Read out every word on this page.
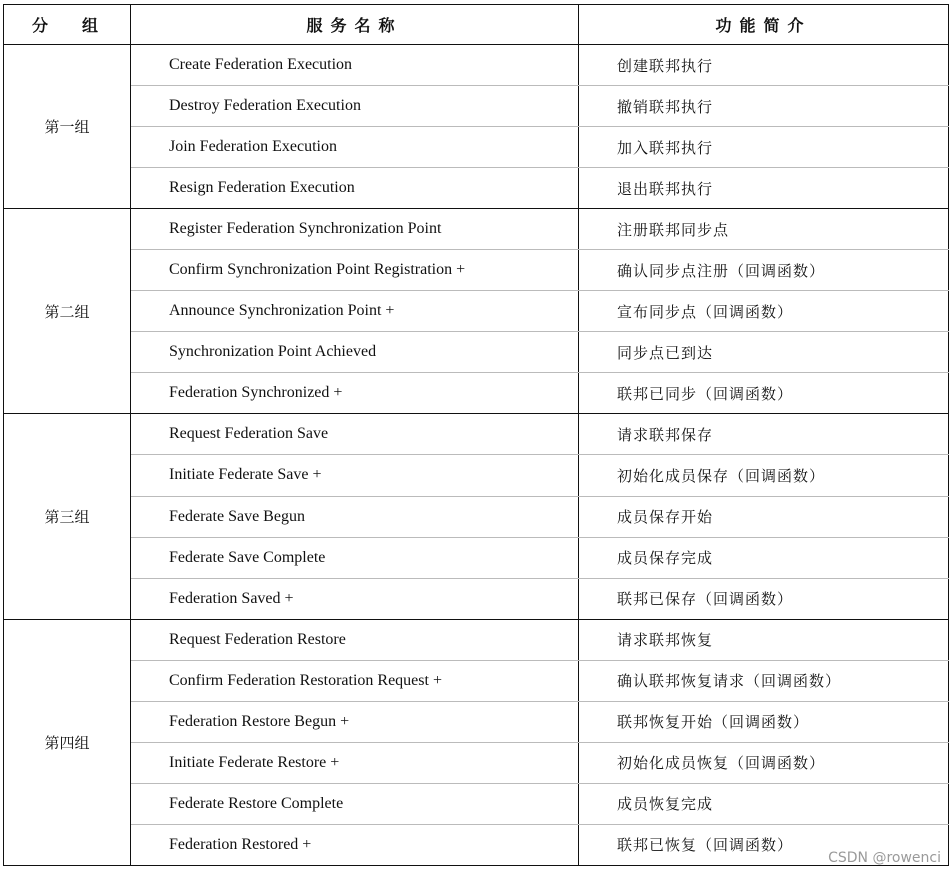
分 组	服务名称	功能简介
第一组	Create Federation Execution	创建联邦执行
	Destroy Federation Execution	撤销联邦执行
	Join Federation Execution	加入联邦执行
	Resign Federation Execution	退出联邦执行
第二组	Register Federation Synchronization Point	注册联邦同步点
	Confirm Synchronization Point Registration +	确认同步点注册（回调函数）
	Announce Synchronization Point +	宣布同步点（回调函数）
	Synchronization Point Achieved	同步点已到达
	Federation Synchronized +	联邦已同步（回调函数）
第三组	Request Federation Save	请求联邦保存
	Initiate Federate Save +	初始化成员保存（回调函数）
	Federate Save Begun	成员保存开始
	Federate Save Complete	成员保存完成
	Federation Saved +	联邦已保存（回调函数）
第四组	Request Federation Restore	请求联邦恢复
	Confirm Federation Restoration Request +	确认联邦恢复请求（回调函数）
	Federation Restore Begun +	联邦恢复开始（回调函数）
	Initiate Federate Restore +	初始化成员恢复（回调函数）
	Federate Restore Complete	成员恢复完成
	Federation Restored +	联邦已恢复（回调函数）
CSDN @rowenci
